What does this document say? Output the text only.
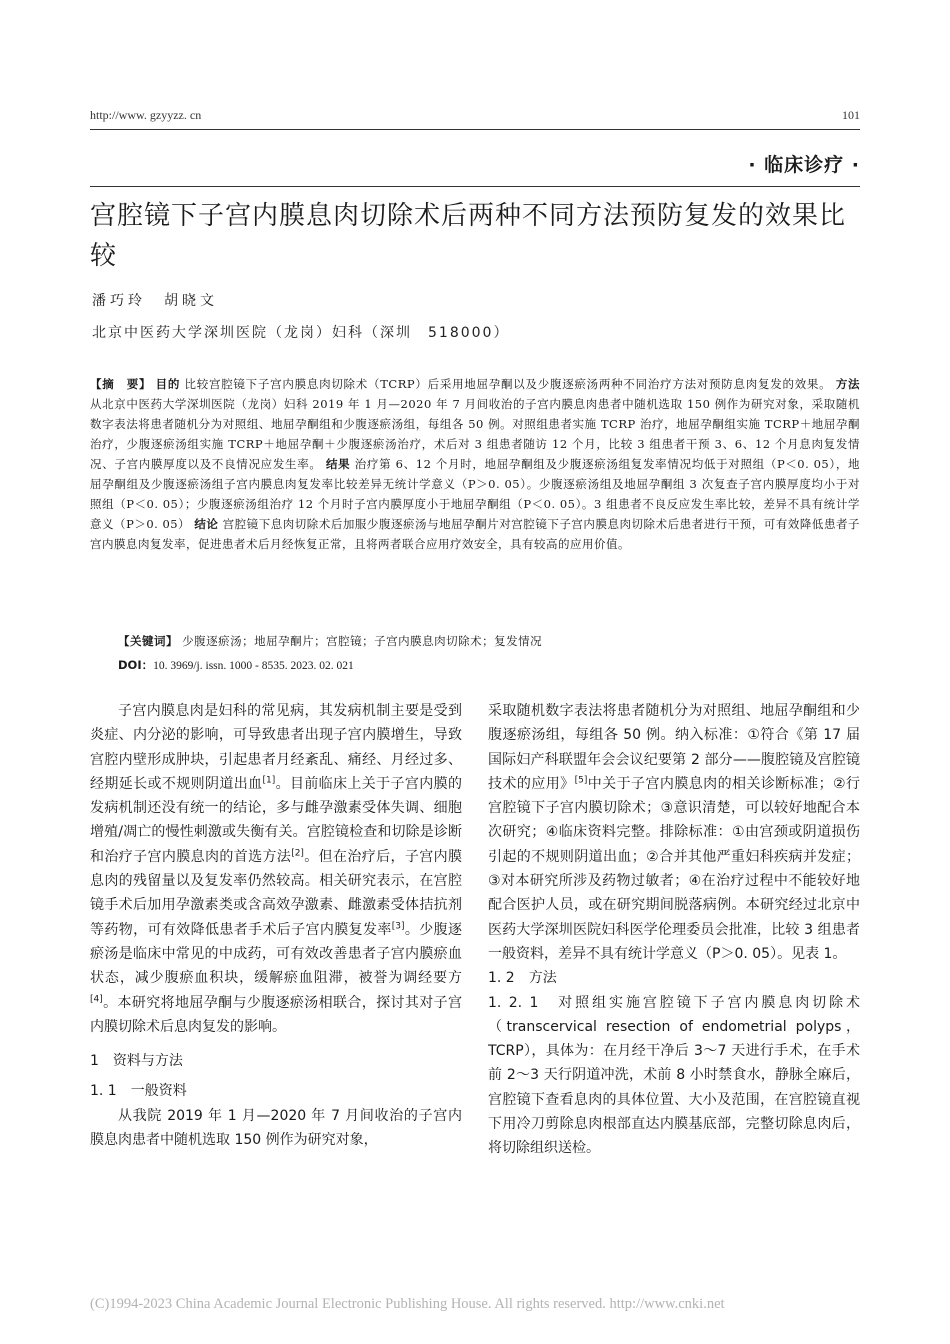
http://www. gzyyzz. cn	101
· 临床诊疗 ·
宫腔镜下子宫内膜息肉切除术后两种不同方法预防复发的效果比较
潘巧玲　胡晓文
北京中医药大学深圳医院（龙岗）妇科（深圳　518000）
【摘　要】 目的 比较宫腔镜下子宫内膜息肉切除术（TCRP）后采用地屈孕酮以及少腹逐瘀汤两种不同治疗方法对预防息肉复发的效果。 方法 从北京中医药大学深圳医院（龙岗）妇科 2019 年 1 月—2020 年 7 月间收治的子宫内膜息肉患者中随机选取 150 例作为研究对象，采取随机数字表法将患者随机分为对照组、地屈孕酮组和少腹逐瘀汤组，每组各 50 例。对照组患者实施 TCRP 治疗，地屈孕酮组实施 TCRP＋地屈孕酮治疗，少腹逐瘀汤组实施 TCRP＋地屈孕酮＋少腹逐瘀汤治疗，术后对 3 组患者随访 12 个月，比较 3 组患者干预 3、6、12 个月息肉复发情况、子宫内膜厚度以及不良情况应发生率。 结果 治疗第 6、12 个月时，地屈孕酮组及少腹逐瘀汤组复发率情况均低于对照组（P＜0. 05），地屈孕酮组及少腹逐瘀汤组子宫内膜息肉复发率比较差异无统计学意义（P＞0. 05）。少腹逐瘀汤组及地屈孕酮组 3 次复查子宫内膜厚度均小于对照组（P＜0. 05）；少腹逐瘀汤组治疗 12 个月时子宫内膜厚度小于地屈孕酮组（P＜0. 05）。3 组患者不良反应发生率比较，差异不具有统计学意义（P＞0. 05） 结论 宫腔镜下息肉切除术后加服少腹逐瘀汤与地屈孕酮片对宫腔镜下子宫内膜息肉切除术后患者进行干预，可有效降低患者子宫内膜息肉复发率，促进患者术后月经恢复正常，且将两者联合应用疗效安全，具有较高的应用价值。
【关键词】 少腹逐瘀汤；地屈孕酮片；宫腔镜；子宫内膜息肉切除术；复发情况
DOI：10. 3969/j. issn. 1000 - 8535. 2023. 02. 021

子宫内膜息肉是妇科的常见病，其发病机制主要是受到炎症、内分泌的影响，可导致患者出现子宫内膜增生，导致宫腔内壁形成肿块，引起患者月经紊乱、痛经、月经过多、经期延长或不规则阴道出血[1]。目前临床上关于子宫内膜的发病机制还没有统一的结论，多与雌孕激素受体失调、细胞增殖/凋亡的慢性刺激或失衡有关。宫腔镜检查和切除是诊断和治疗子宫内膜息肉的首选方法[2]。但在治疗后，子宫内膜息肉的残留量以及复发率仍然较高。相关研究表示，在宫腔镜手术后加用孕激素类或含高效孕激素、雌激素受体拮抗剂等药物，可有效降低患者手术后子宫内膜复发率[3]。少腹逐瘀汤是临床中常见的中成药，可有效改善患者子宫内膜瘀血状态，减少腹瘀血积块，缓解瘀血阻滞，被誉为调经要方[4]。本研究将地屈孕酮与少腹逐瘀汤相联合，探讨其对子宫内膜切除术后息肉复发的影响。

1　资料与方法

1. 1　一般资料

从我院 2019 年 1 月—2020 年 7 月间收治的子宫内膜息肉患者中随机选取 150 例作为研究对象，

采取随机数字表法将患者随机分为对照组、地屈孕酮组和少腹逐瘀汤组，每组各 50 例。纳入标准：①符合《第 17 届国际妇产科联盟年会会议纪要第 2 部分——腹腔镜及宫腔镜技术的应用》[5]中关于子宫内膜息肉的相关诊断标准；②行宫腔镜下子宫内膜切除术；③意识清楚，可以较好地配合本次研究；④临床资料完整。排除标准：①由宫颈或阴道损伤引起的不规则阴道出血；②合并其他严重妇科疾病并发症；③对本研究所涉及药物过敏者；④在治疗过程中不能较好地配合医护人员，或在研究期间脱落病例。本研究经过北京中医药大学深圳医院妇科医学伦理委员会批准，比较 3 组患者一般资料，差异不具有统计学意义（P＞0. 05）。见表 1。

1. 2　方法

1. 2. 1　对照组实施宫腔镜下子宫内膜息肉切除术（transcervical resection of endometrial polyps，TCRP），具体为：在月经干净后 3～7 天进行手术，在手术前 2～3 天行阴道冲洗，术前 8 小时禁食水，静脉全麻后，宫腔镜下查看息肉的具体位置、大小及范围，在宫腔镜直视下用冷刀剪除息肉根部直达内膜基底部，完整切除息肉后，将切除组织送检。

(C)1994-2023 China Academic Journal Electronic Publishing House. All rights reserved. http://www.cnki.net
